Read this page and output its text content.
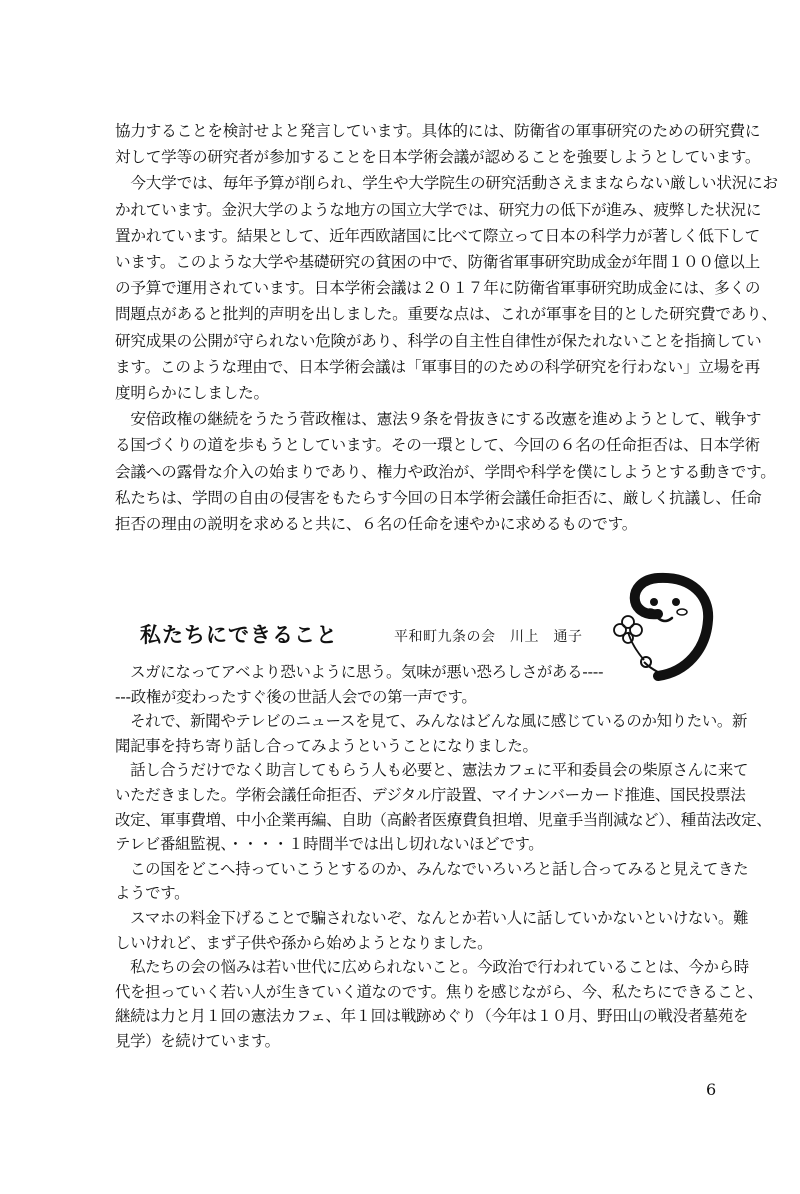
協力することを検討せよと発言しています。具体的には、防衛省の軍事研究のための研究費に

対して学等の研究者が参加することを日本学術会議が認めることを強要しようとしています。

　今大学では、毎年予算が削られ、学生や大学院生の研究活動さえままならない厳しい状況にお

かれています。金沢大学のような地方の国立大学では、研究力の低下が進み、疲弊した状況に

置かれています。結果として、近年西欧諸国に比べて際立って日本の科学力が著しく低下して

います。このような大学や基礎研究の貧困の中で、防衛省軍事研究助成金が年間１００億以上

の予算で運用されています。日本学術会議は２０１７年に防衛省軍事研究助成金には、多くの

問題点があると批判的声明を出しました。重要な点は、これが軍事を目的とした研究費であり、

研究成果の公開が守られない危険があり、科学の自主性自律性が保たれないことを指摘してい

ます。このような理由で、日本学術会議は「軍事目的のための科学研究を行わない」立場を再

度明らかにしました。

　安倍政権の継続をうたう菅政権は、憲法９条を骨抜きにする改憲を進めようとして、戦争す

る国づくりの道を歩もうとしています。その一環として、今回の６名の任命拒否は、日本学術

会議への露骨な介入の始まりであり、権力や政治が、学問や科学を僕にしようとする動きです。

私たちは、学問の自由の侵害をもたらす今回の日本学術会議任命拒否に、厳しく抗議し、任命

拒否の理由の説明を求めると共に、６名の任命を速やかに求めるものです。

私たちにできること	平和町九条の会　川上　通子

　スガになってアベより恐いように思う。気味が悪い恐ろしさがある----

---政権が変わったすぐ後の世話人会での第一声です。

　それで、新聞やテレビのニュースを見て、みんなはどんな風に感じているのか知りたい。新

聞記事を持ち寄り話し合ってみようということになりました。

　話し合うだけでなく助言してもらう人も必要と、憲法カフェに平和委員会の柴原さんに来て

いただきました。学術会議任命拒否、デジタル庁設置、マイナンバーカード推進、国民投票法

改定、軍事費増、中小企業再編、自助（高齢者医療費負担増、児童手当削減など）、種苗法改定、

テレビ番組監視、・・・・１時間半では出し切れないほどです。

　この国をどこへ持っていこうとするのか、みんなでいろいろと話し合ってみると見えてきた

ようです。

　スマホの料金下げることで騙されないぞ、なんとか若い人に話していかないといけない。難

しいけれど、まず子供や孫から始めようとなりました。

　私たちの会の悩みは若い世代に広められないこと。今政治で行われていることは、今から時

代を担っていく若い人が生きていく道なのです。焦りを感じながら、今、私たちにできること、

継続は力と月１回の憲法カフェ、年１回は戦跡めぐり（今年は１０月、野田山の戦没者墓苑を

見学）を続けています。

6
